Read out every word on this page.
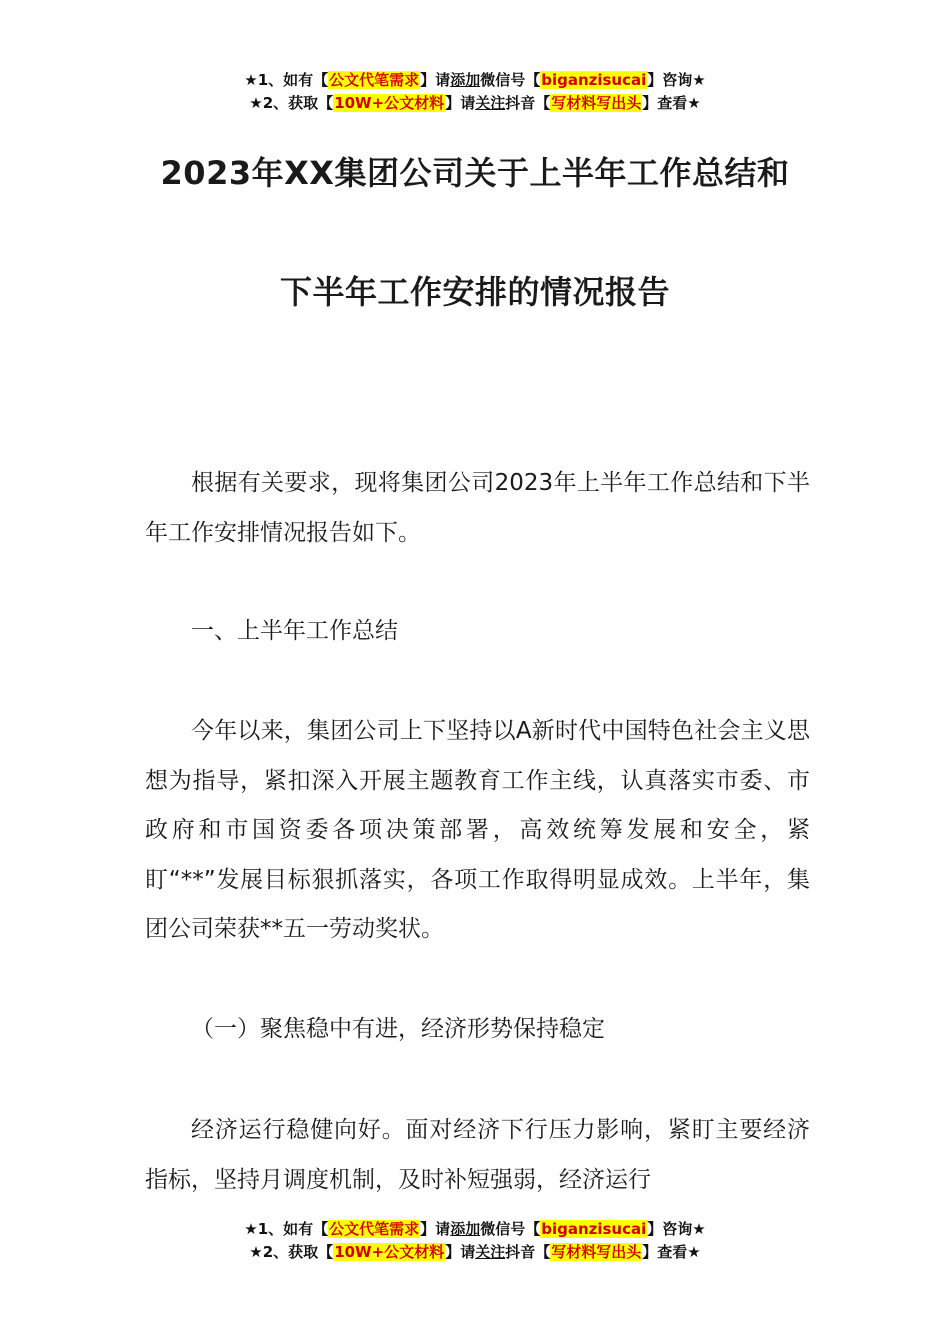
★1、如有【公文代笔需求】请添加微信号【biganzisucai】咨询★
★2、获取【10W+公文材料】请关注抖音【写材料写出头】查看★
2023年XX集团公司关于上半年工作总结和
下半年工作安排的情况报告
根据有关要求，现将集团公司2023年上半年工作总结和下半年工作安排情况报告如下。
一、上半年工作总结
今年以来，集团公司上下坚持以A新时代中国特色社会主义思想为指导，紧扣深入开展主题教育工作主线，认真落实市委、市政府和市国资委各项决策部署，高效统筹发展和安全，紧盯“**”发展目标狠抓落实，各项工作取得明显成效。上半年，集团公司荣获**五一劳动奖状。
（一）聚焦稳中有进，经济形势保持稳定
经济运行稳健向好。面对经济下行压力影响，紧盯主要经济指标，坚持月调度机制，及时补短强弱，经济运行
★1、如有【公文代笔需求】请添加微信号【biganzisucai】咨询★
★2、获取【10W+公文材料】请关注抖音【写材料写出头】查看★
